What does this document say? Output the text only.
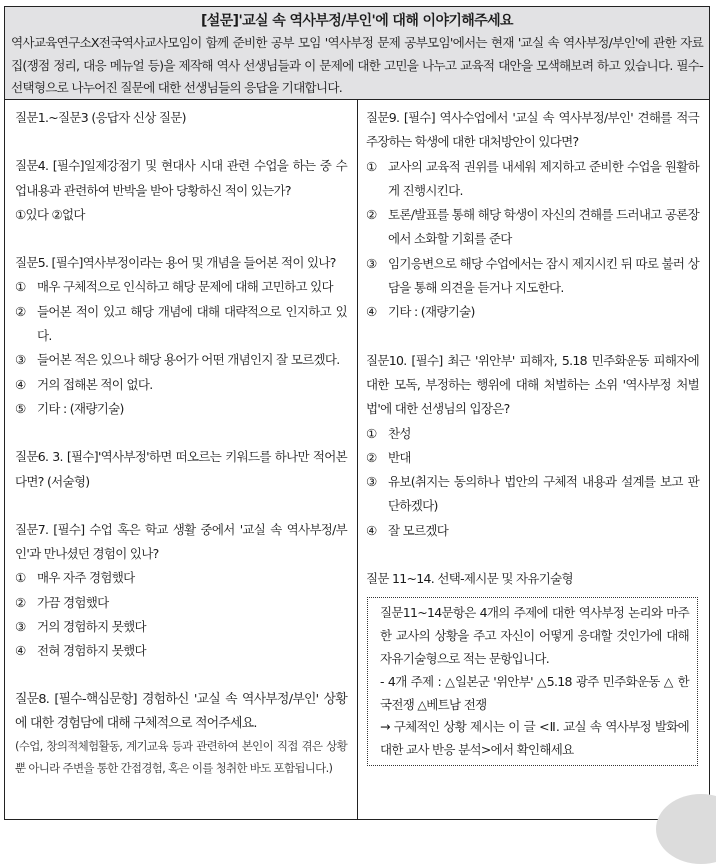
[설문]'교실 속 역사부정/부인'에 대해 이야기해주세요
역사교육연구소X전국역사교사모임이 함께 준비한 공부 모임 '역사부정 문제 공부모임'에서는 현재 '교실 속 역사부정/부인'에 관한 자료집(쟁점 정리, 대응 메뉴얼 등)을 제작해 역사 선생님들과 이 문제에 대한 고민을 나누고 교육적 대안을 모색해보려 하고 있습니다. 필수-선택형으로 나누어진 질문에 대한 선생님들의 응답을 기대합니다.
질문1.~질문3 (응답자 신상 질문)
질문4. [필수]일제강점기 및 현대사 시대 관련 수업을 하는 중 수업내용과 관련하여 반박을 받아 당황하신 적이 있는가?
①있다 ②없다
질문5. [필수]역사부정이라는 용어 및 개념을 들어본 적이 있나?
① 매우 구체적으로 인식하고 해당 문제에 대해 고민하고 있다
② 들어본 적이 있고 해당 개념에 대해 대략적으로 인지하고 있다.
③ 들어본 적은 있으나 해당 용어가 어떤 개념인지 잘 모르겠다.
④ 거의 접해본 적이 없다.
⑤ 기타 : (재량기술)
질문6. 3. [필수]'역사부정'하면 떠오르는 키워드를 하나만 적어본다면? (서술형)
질문7. [필수] 수업 혹은 학교 생활 중에서 '교실 속 역사부정/부인'과 만나셨던 경험이 있나?
① 매우 자주 경험했다
② 가끔 경험했다
③ 거의 경험하지 못했다
④ 전혀 경험하지 못했다
질문8. [필수-핵심문항] 경험하신 '교실 속 역사부정/부인' 상황에 대한 경험담에 대해 구체적으로 적어주세요.
(수업, 창의적체험활동, 계기교육 등과 관련하여 본인이 직접 겪은 상황 뿐 아니라 주변을 통한 간접경험, 혹은 이를 청취한 바도 포함됩니다.)
질문9. [필수] 역사수업에서 '교실 속 역사부정/부인' 견해를 적극 주장하는 학생에 대한 대처방안이 있다면?
① 교사의 교육적 권위를 내세워 제지하고 준비한 수업을 원활하게 진행시킨다.
② 토론/발표를 통해 해당 학생이 자신의 견해를 드러내고 공론장에서 소화할 기회를 준다
③ 임기응변으로 해당 수업에서는 잠시 제지시킨 뒤 따로 불러 상담을 통해 의견을 듣거나 지도한다.
④ 기타 : (재량기술)
질문10. [필수] 최근 '위안부' 피해자, 5.18 민주화운동 피해자에 대한 모독, 부정하는 행위에 대해 처벌하는 소위 '역사부정 처벌법'에 대한 선생님의 입장은?
① 찬성
② 반대
③ 유보(취지는 동의하나 법안의 구체적 내용과 설계를 보고 판단하겠다)
④ 잘 모르겠다
질문 11~14. 선택-제시문 및 자유기술형

질문11~14문항은 4개의 주제에 대한 역사부정 논리와 마주한 교사의 상황을 주고 자신이 어떻게 응대할 것인가에 대해 자유기술형으로 적는 문항입니다.

- 4개 주제 : △일본군 '위안부' △5.18 광주 민주화운동 △ 한국전쟁 △베트남 전쟁

→ 구체적인 상황 제시는 이 글 <Ⅱ. 교실 속 역사부정 발화에 대한 교사 반응 분석>에서 확인해세요
